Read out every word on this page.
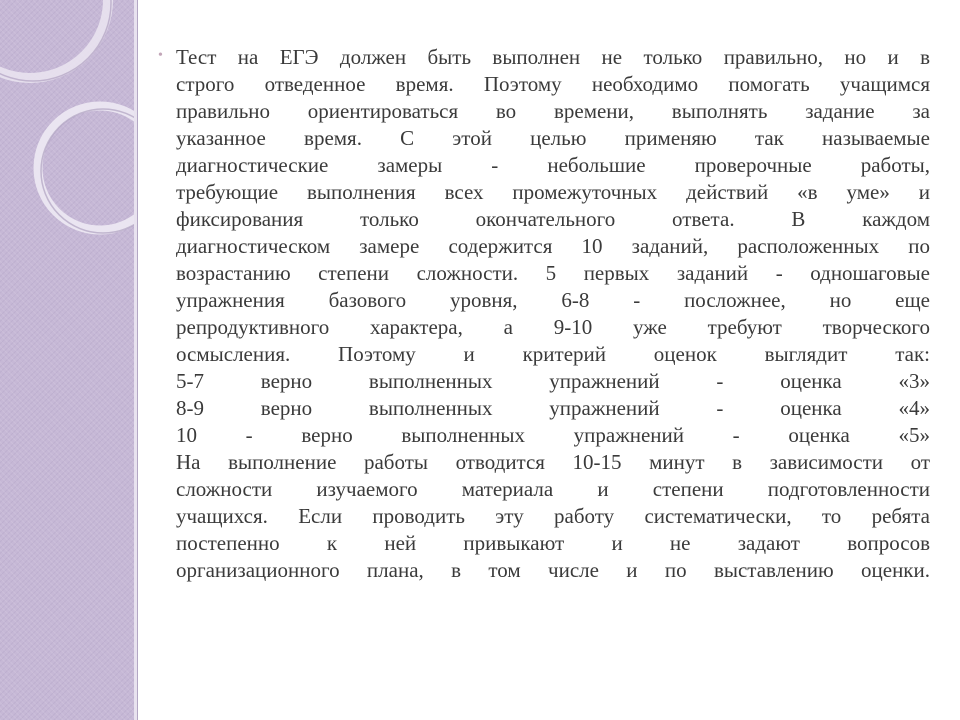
• Тест на ЕГЭ должен быть выполнен не только правильно, но и в

строго отведенное время. Поэтому необходимо помогать учащимся

правильно ориентироваться во времени, выполнять задание за

указанное время. С этой целью применяю так называемые

диагностические замеры - небольшие проверочные работы,

требующие выполнения всех промежуточных действий «в уме» и

фиксирования только окончательного ответа. В каждом

диагностическом замере содержится 10 заданий, расположенных по

возрастанию степени сложности. 5 первых заданий - одношаговые

упражнения базового уровня, 6-8 - посложнее, но еще

репродуктивного характера, а 9-10 уже требуют творческого

осмысления. Поэтому и критерий оценок выглядит так:

5-7 верно выполненных упражнений - оценка «3»

8-9 верно выполненных упражнений - оценка «4»

10 - верно выполненных упражнений - оценка «5»

На выполнение работы отводится 10-15 минут в зависимости от

сложности изучаемого материала и степени подготовленности

учащихся. Если проводить эту работу систематически, то ребята

постепенно к ней привыкают и не задают вопросов

организационного плана, в том числе и по выставлению оценки.
